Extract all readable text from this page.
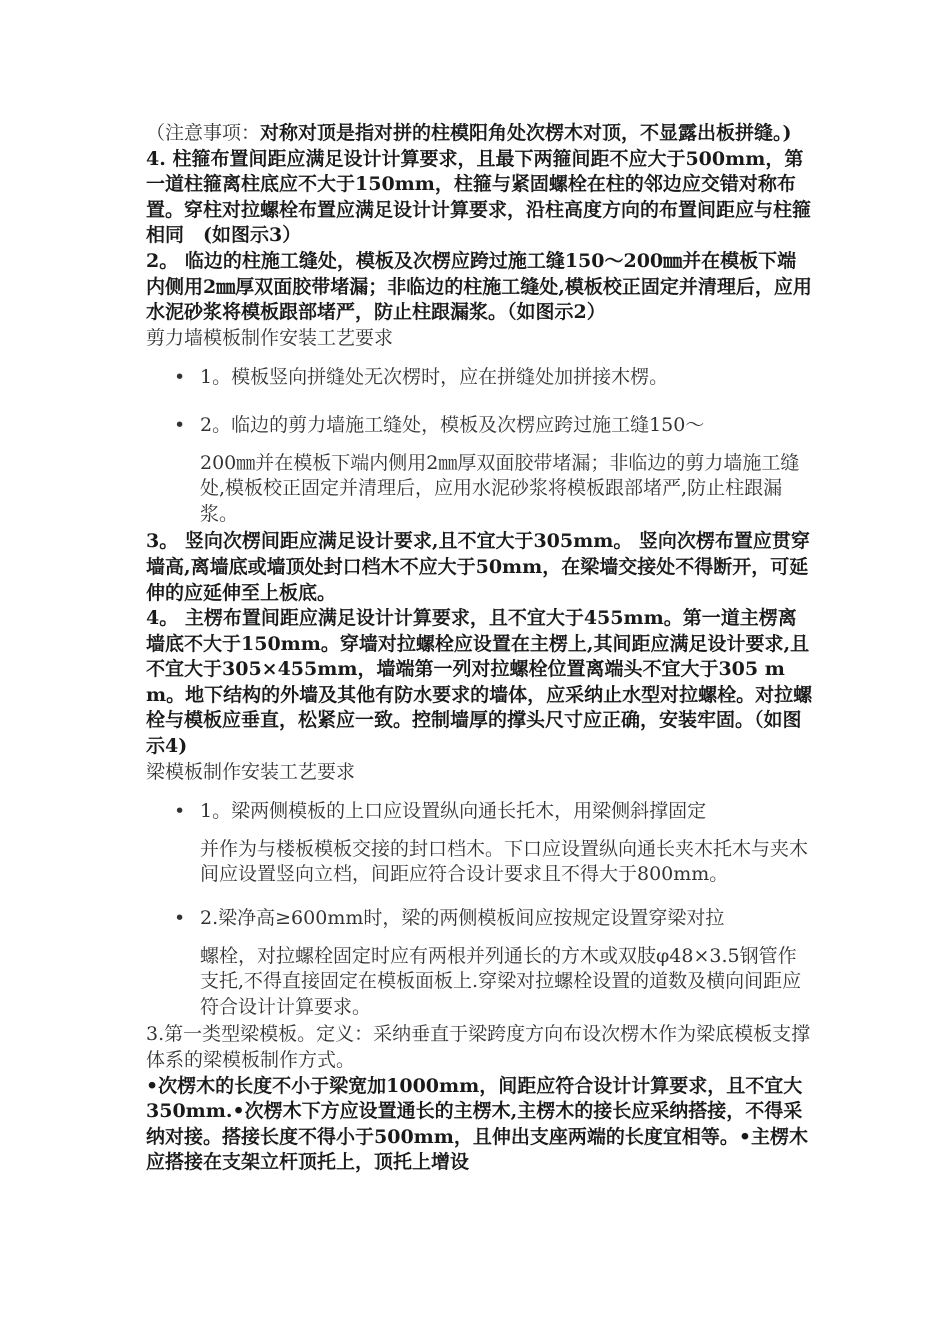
（注意事项：对称对顶是指对拼的柱模阳角处次楞木对顶，不显露出板拼缝。)

4. 柱箍布置间距应满足设计计算要求，且最下两箍间距不应大于500mm，第一道柱箍离柱底应不大于150mm，柱箍与紧固螺栓在柱的邻边应交错对称布置。穿柱对拉螺栓布置应满足设计计算要求，沿柱高度方向的布置间距应与柱箍相同　(如图示3）

2。 临边的柱施工缝处，模板及次楞应跨过施工缝150～200㎜并在模板下端内侧用2㎜厚双面胶带堵漏；非临边的柱施工缝处,模板校正固定并清理后，应用水泥砂浆将模板跟部堵严，防止柱跟漏浆。（如图示2）

剪力墙模板制作安装工艺要求

• 1。模板竖向拼缝处无次楞时，应在拼缝处加拼接木楞。
• 2。临边的剪力墙施工缝处，模板及次楞应跨过施工缝150～
200㎜并在模板下端内侧用2㎜厚双面胶带堵漏；非临边的剪力墙施工缝处,模板校正固定并清理后，应用水泥砂浆将模板跟部堵严,防止柱跟漏浆。

3。 竖向次楞间距应满足设计要求,且不宜大于305mm。 竖向次楞布置应贯穿墙高,离墙底或墙顶处封口档木不应大于50mm，在梁墙交接处不得断开，可延伸的应延伸至上板底。

4。 主楞布置间距应满足设计计算要求，且不宜大于455mm。第一道主楞离墙底不大于150mm。穿墙对拉螺栓应设置在主楞上,其间距应满足设计要求,且不宜大于305×455mm，墙端第一列对拉螺栓位置离端头不宜大于305 mm。地下结构的外墙及其他有防水要求的墙体，应采纳止水型对拉螺栓。对拉螺栓与模板应垂直，松紧应一致。控制墙厚的撑头尺寸应正确，安装牢固。（如图示4)

梁模板制作安装工艺要求

• 1。梁两侧模板的上口应设置纵向通长托木，用梁侧斜撑固定
并作为与楼板模板交接的封口档木。下口应设置纵向通长夹木托木与夹木间应设置竖向立档，间距应符合设计要求且不得大于800mm。
• 2.梁净高≥600mm时，梁的两侧模板间应按规定设置穿梁对拉
螺栓，对拉螺栓固定时应有两根并列通长的方木或双肢φ48×3.5钢管作支托,不得直接固定在模板面板上.穿梁对拉螺栓设置的道数及横向间距应符合设计计算要求。

3.第一类型梁模板。定义：采纳垂直于梁跨度方向布设次楞木作为梁底模板支撑体系的梁模板制作方式。

•次楞木的长度不小于梁宽加1000mm，间距应符合设计计算要求，且不宜大350mm.•次楞木下方应设置通长的主楞木,主楞木的接长应采纳搭接，不得采纳对接。搭接长度不得小于500mm，且伸出支座两端的长度宜相等。•主楞木应搭接在支架立杆顶托上，顶托上增设
